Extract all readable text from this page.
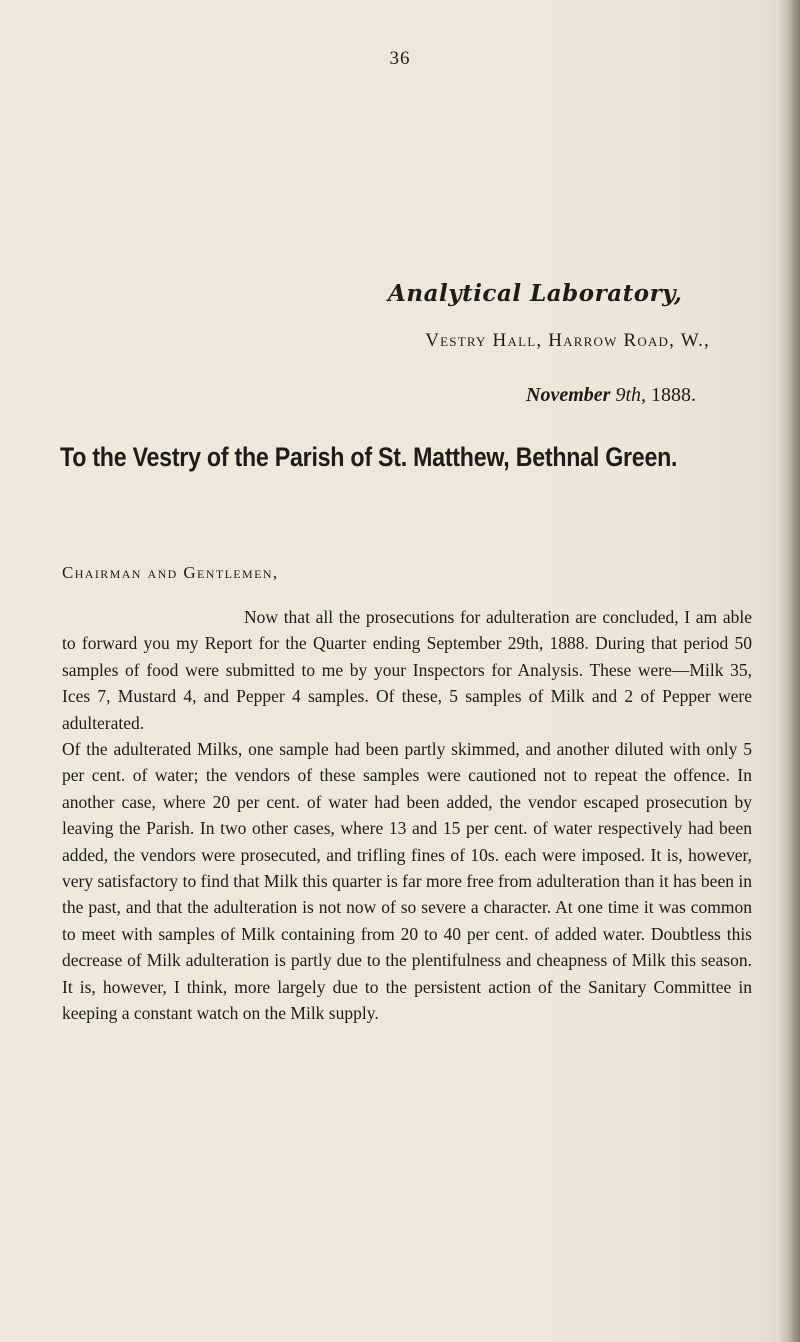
36
Analytical Laboratory,
Vestry Hall, Harrow Road, W.,
November 9th, 1888.
To the Vestry of the Parish of St. Matthew, Bethnal Green.
Chairman and Gentlemen,

Now that all the prosecutions for adulteration are concluded, I am able to forward you my Report for the Quarter ending September 29th, 1888. During that period 50 samples of food were submitted to me by your Inspectors for Analysis. These were—Milk 35, Ices 7, Mustard 4, and Pepper 4 samples. Of these, 5 samples of Milk and 2 of Pepper were adulterated.

Of the adulterated Milks, one sample had been partly skimmed, and another diluted with only 5 per cent. of water; the vendors of these samples were cautioned not to repeat the offence. In another case, where 20 per cent. of water had been added, the vendor escaped prosecution by leaving the Parish. In two other cases, where 13 and 15 per cent. of water respectively had been added, the vendors were prosecuted, and trifling fines of 10s. each were imposed. It is, however, very satisfactory to find that Milk this quarter is far more free from adulteration than it has been in the past, and that the adulteration is not now of so severe a character. At one time it was common to meet with samples of Milk containing from 20 to 40 per cent. of added water. Doubtless this decrease of Milk adulteration is partly due to the plentifulness and cheapness of Milk this season. It is, however, I think, more largely due to the persistent action of the Sanitary Committee in keeping a constant watch on the Milk supply.
